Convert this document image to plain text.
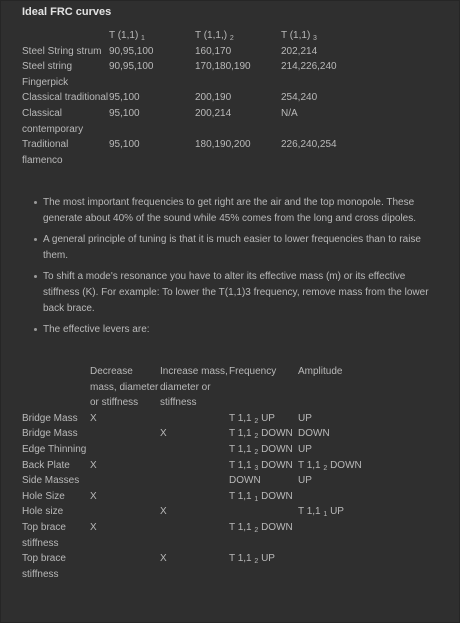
Ideal FRC curves
	T (1,1) $_1$	T (1,1,) $_2$	T (1,1) $_3$
Steel String strum	90,95,100	160,170	202,214
Steel string Fingerpick	90,95,100	170,180,190	214,226,240
Classical traditional	95,100	200,190	254,240
Classical contemporary	95,100	200,214	N/A
Traditional flamenco	95,100	180,190,200	226,240,254
The most important frequencies to get right are the air and the top monopole. These generate about 40% of the sound while 45% comes from the long and cross dipoles.
A general principle of tuning is that it is much easier to lower frequencies than to raise them.
To shift a mode's resonance you have to alter its effective mass (m) or its effective stiffness (K). For example: To lower the T(1,1)3 frequency, remove mass from the lower back brace.
The effective levers are:
	Decrease mass, diameter or stiffness	Increase mass, diameter or stiffness	Frequency	Amplitude
Bridge Mass	X		T 1,1 $_2$ UP	UP
Bridge Mass		X	T 1,1 $_2$ DOWN	DOWN
Edge Thinning			T 1,1 $_2$ DOWN	UP
Back Plate	X		T 1,1 $_3$ DOWN	T 1,1 $_2$ DOWN
Side Masses			DOWN	UP
Hole Size	X		T 1,1 $_1$ DOWN	
Hole size		X		T 1,1 $_1$ UP
Top brace stiffness	X		T 1,1 $_2$ DOWN	
Top brace stiffness		X	T 1,1 $_2$ UP	
